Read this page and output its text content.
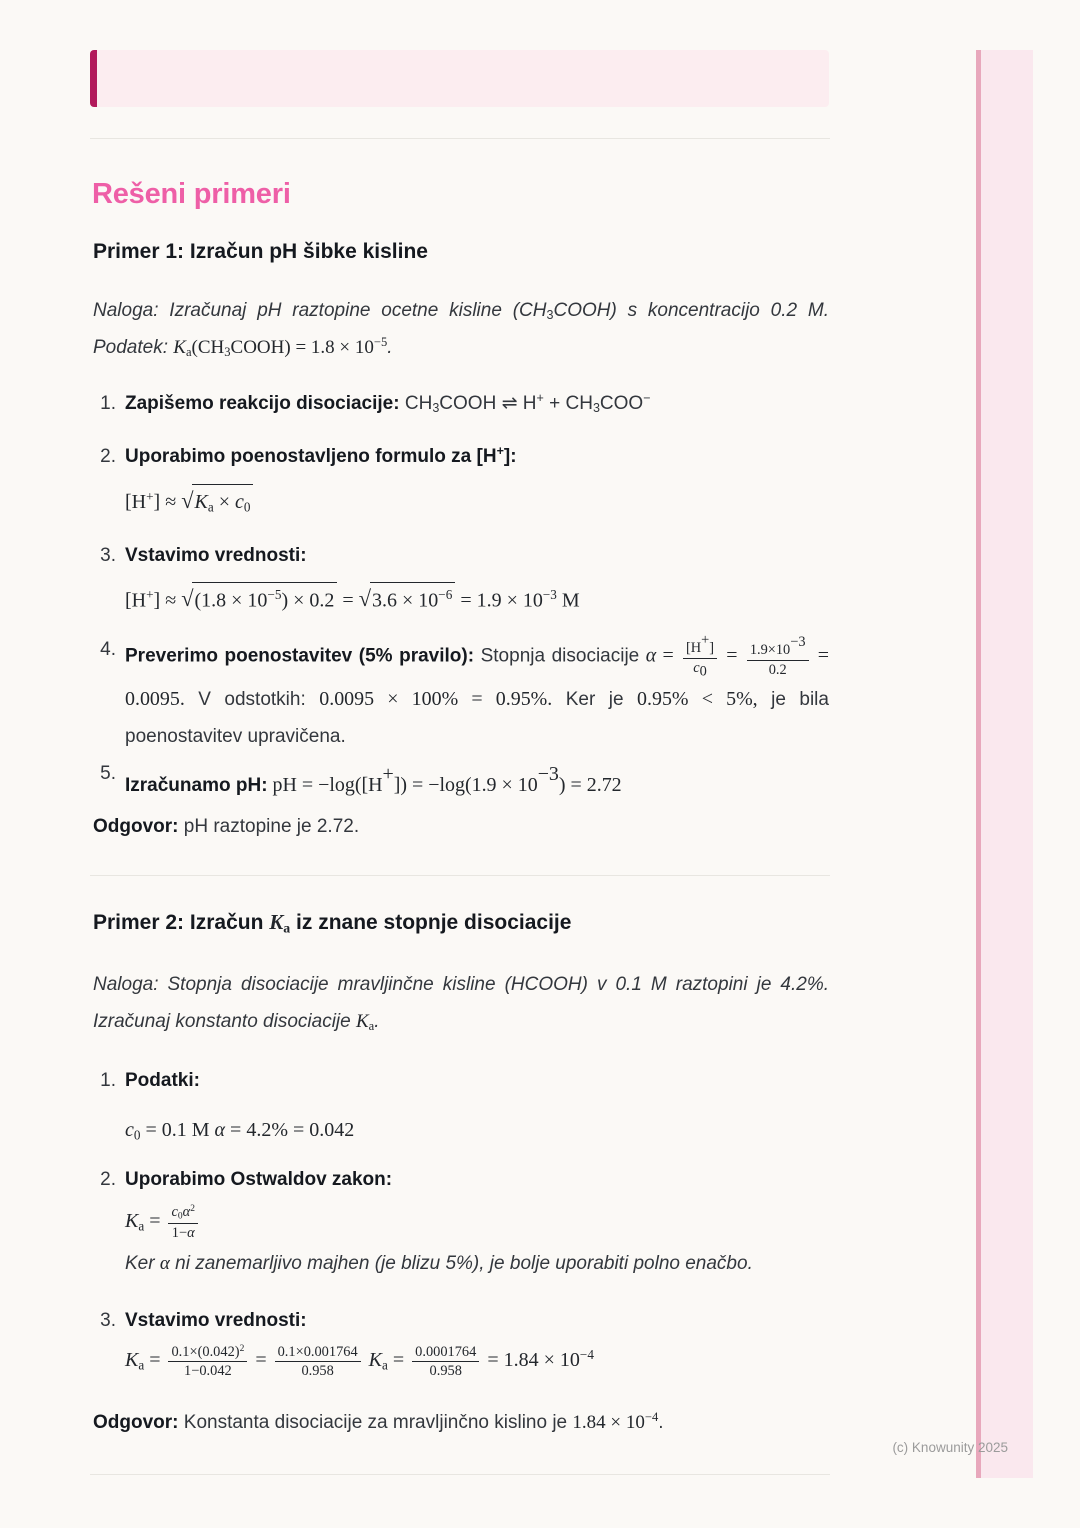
Rešeni primeri
Primer 1: Izračun pH šibke kisline

Naloga: Izračunaj pH raztopine ocetne kisline (CH3COOH) s koncentracijo 0.2 M. Podatek: Ka(CH3COOH) = $1.8 \times 10^{-5}$.

1. Zapišemo reakcijo disociacije: CH3COOH ⇌ H+ + CH3COO−
2. Uporabimo poenostavljeno formulo za [H+]:
[H+] ≈ √Ka × c0
3. Vstavimo vrednosti:
$[H^+] \approx √(1.8 \times 10^{-5}) \times 0.2 = √3.6 \times 10^{-6} = 1.9 \times 10^{-3}$ M
4. Preverimo poenostavitev (5% pravilo): Stopnja disociacije $\alpha = \frac{[H+]}{c0} = \frac{1.9\times 10-3}{0.2} = 0.0095$. V odstotkih: 0.0095 × 100% = 0.95%. Ker je 0.95% < 5%, je bila poenostavitev upravičena.
5.
Izračunamo pH: pH = −log([H+]) = −log(1.9 × 10−3) = 2.72

Odgovor: pH raztopine je 2.72.

Primer 2: Izračun Ka iz znane stopnje disociacije

Naloga: Stopnja disociacije mravljinčne kisline (HCOOH) v 0.1 M raztopini je 4.2%. Izračunaj konstanto disociacije Ka.

1. Podatki:
c0 = 0.1 M α = 4.2% = 0.042
2. Uporabimo Ostwaldov zakon:
$Ka = \frac{c0\alpha^2}{1-\alpha}$

Ker α ni zanemarljivo majhen (je blizu 5%), je bolje uporabiti polno enačbo.

3. Vstavimo vrednosti:
$Ka = \frac{0.1\times(0.042)^2}{1-0.042} = \frac{0.1\times 0.001764}{0.958}$ $Ka = \frac{0.0001764}{0.958} = 1.84 \times 10^{-4}$

Odgovor: Konstanta disociacije za mravljinčno kislino je $1.84 \times 10^{-4}$.

(c) Knowunity 2025
